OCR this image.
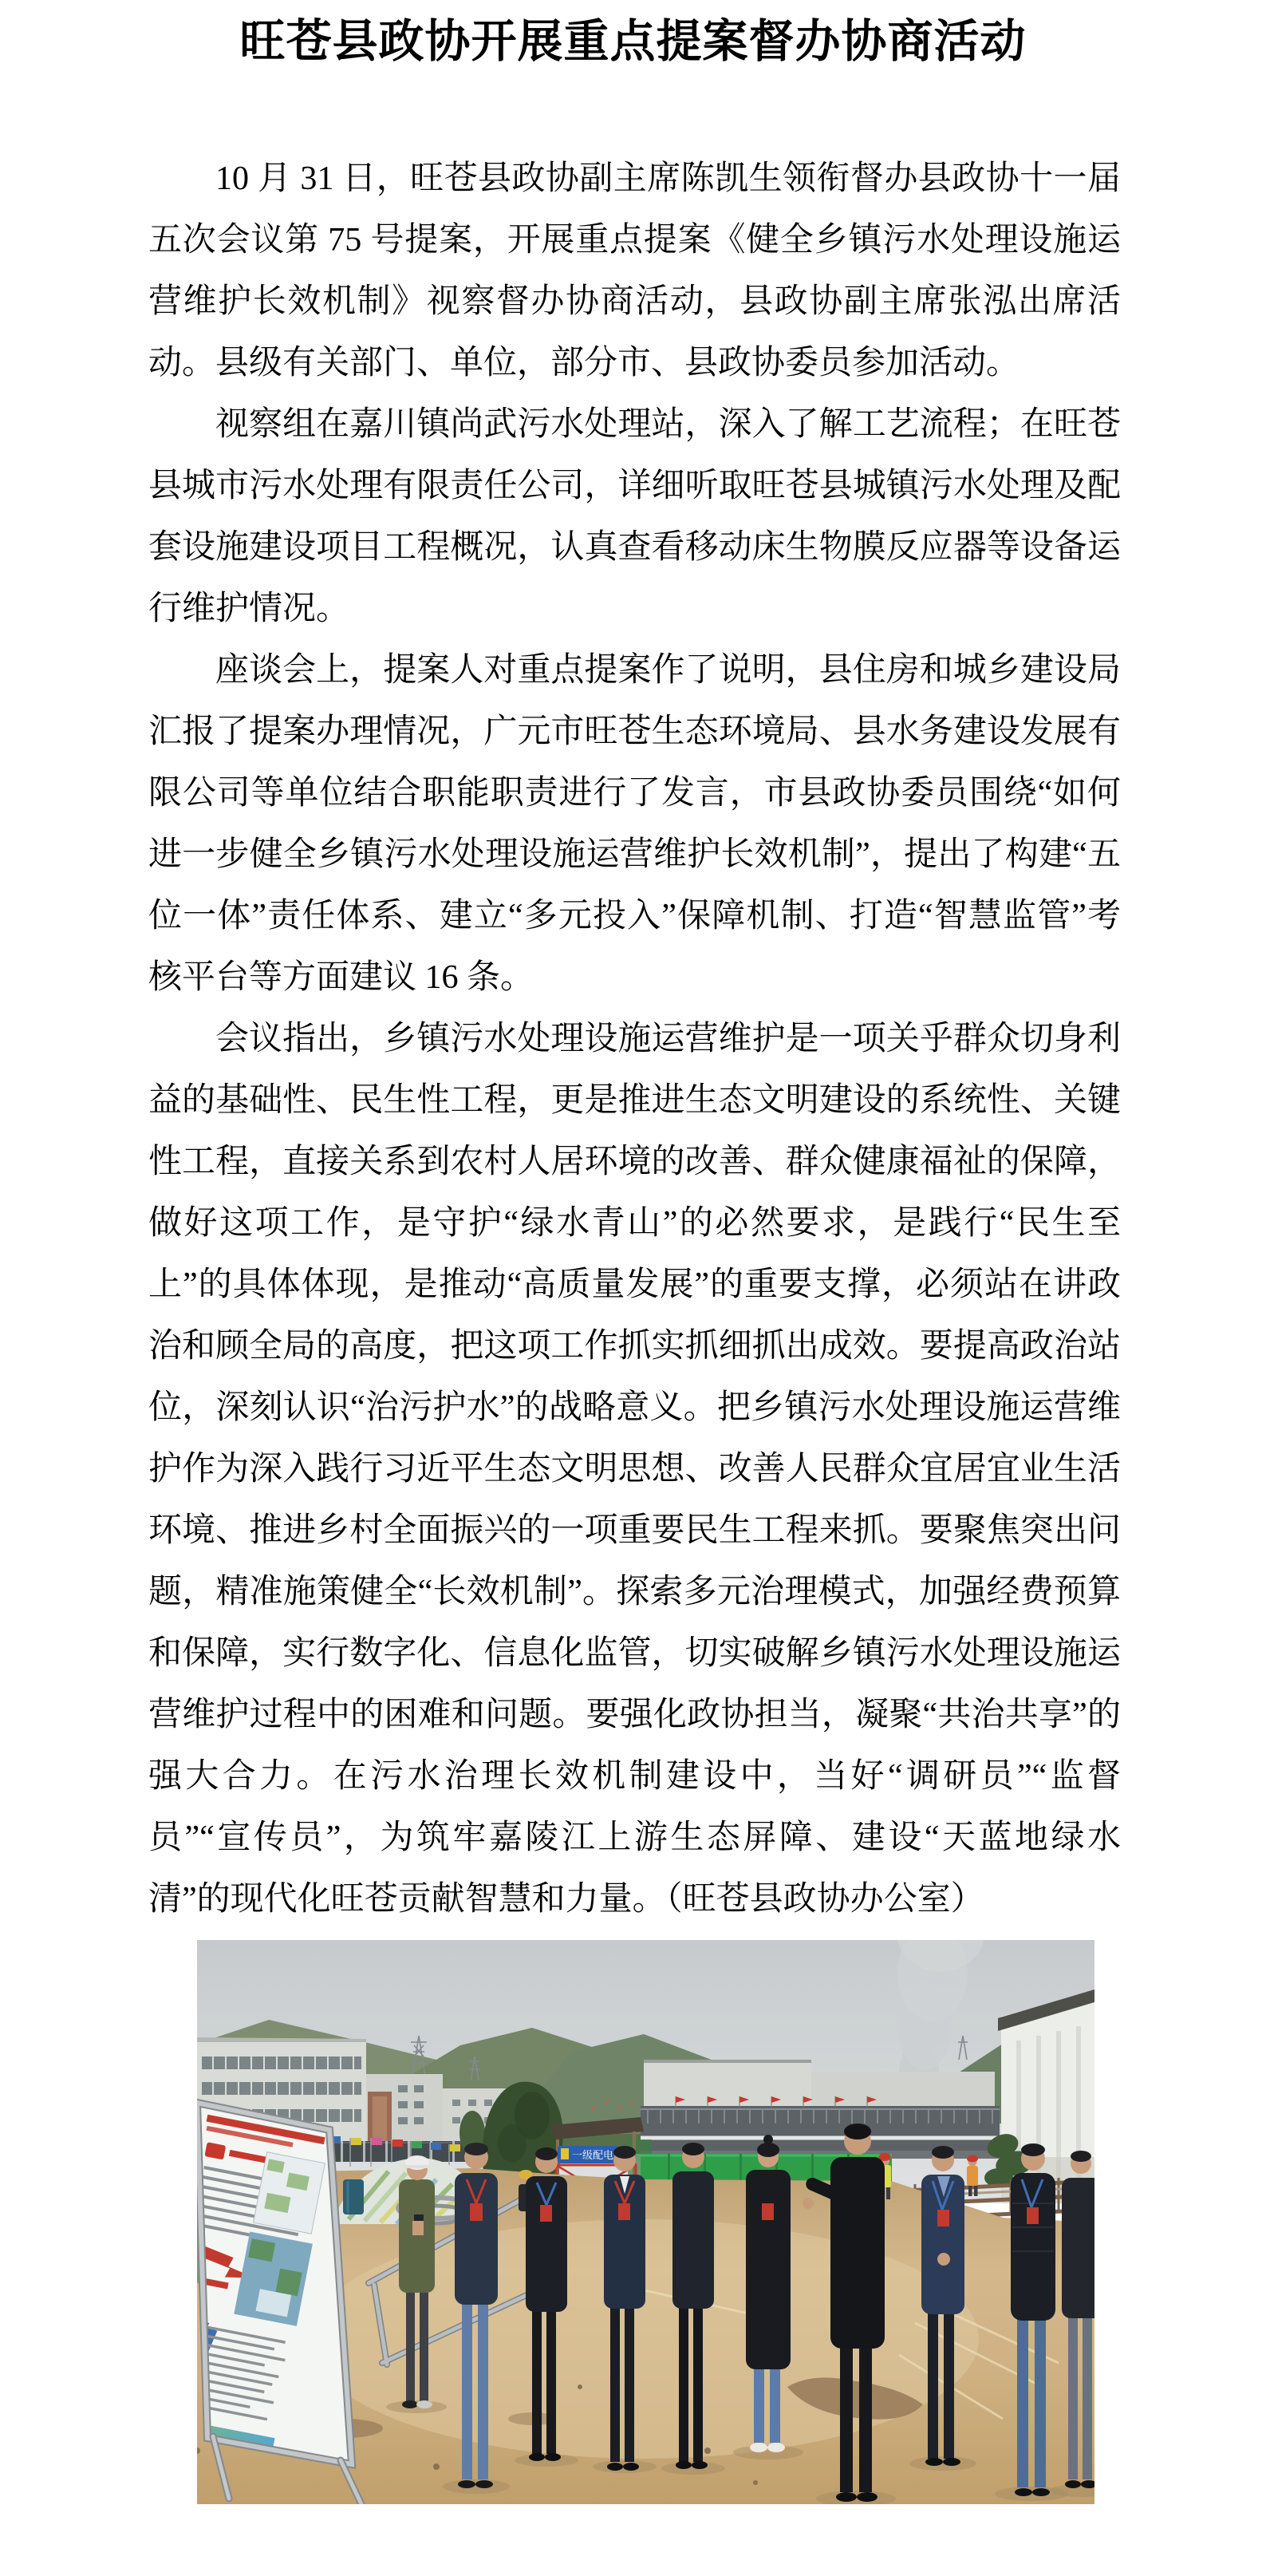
旺苍县政协开展重点提案督办协商活动

10 月 31 日，旺苍县政协副主席陈凯生领衔督办县政协十一届五次会议第 75 号提案，开展重点提案《健全乡镇污水处理设施运营维护长效机制》视察督办协商活动，县政协副主席张泓出席活动。县级有关部门、单位，部分市、县政协委员参加活动。

视察组在嘉川镇尚武污水处理站，深入了解工艺流程；在旺苍县城市污水处理有限责任公司，详细听取旺苍县城镇污水处理及配套设施建设项目工程概况，认真查看移动床生物膜反应器等设备运行维护情况。

座谈会上，提案人对重点提案作了说明，县住房和城乡建设局汇报了提案办理情况，广元市旺苍生态环境局、县水务建设发展有限公司等单位结合职能职责进行了发言，市县政协委员围绕“如何进一步健全乡镇污水处理设施运营维护长效机制”，提出了构建“五位一体”责任体系、建立“多元投入”保障机制、打造“智慧监管”考核平台等方面建议 16 条。

会议指出，乡镇污水处理设施运营维护是一项关乎群众切身利益的基础性、民生性工程，更是推进生态文明建设的系统性、关键性工程，直接关系到农村人居环境的改善、群众健康福祉的保障，做好这项工作，是守护“绿水青山”的必然要求，是践行“民生至上”的具体体现，是推动“高质量发展”的重要支撑，必须站在讲政治和顾全局的高度，把这项工作抓实抓细抓出成效。要提高政治站位，深刻认识“治污护水”的战略意义。把乡镇污水处理设施运营维护作为深入践行习近平生态文明思想、改善人民群众宜居宜业生活环境、推进乡村全面振兴的一项重要民生工程来抓。要聚焦突出问题，精准施策健全“长效机制”。探索多元治理模式，加强经费预算和保障，实行数字化、信息化监管，切实破解乡镇污水处理设施运营维护过程中的困难和问题。要强化政协担当，凝聚“共治共享”的强大合力。在污水治理长效机制建设中，当好“调研员”“监督员”“宣传员”，为筑牢嘉陵江上游生态屏障、建设“天蓝地绿水清”的现代化旺苍贡献智慧和力量。（旺苍县政协办公室）

一级配电
